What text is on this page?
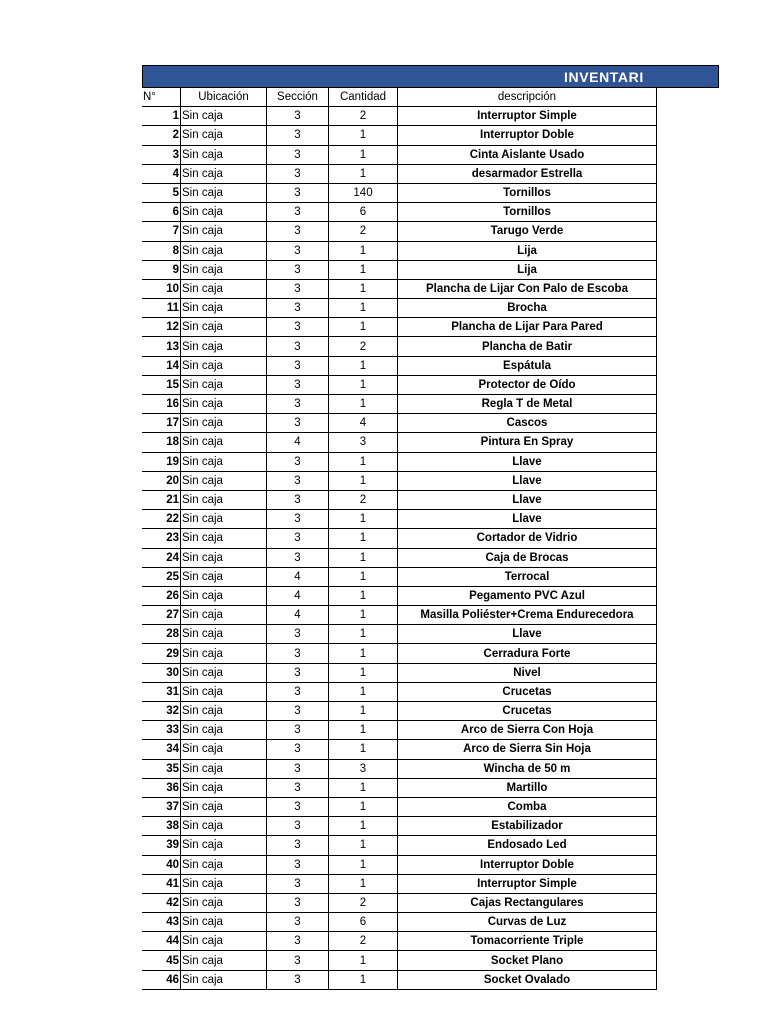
INVENTARI
N°	Ubicación	Sección	Cantidad	descripción
1	Sin caja	3	2	Interruptor Simple
2	Sin caja	3	1	Interruptor Doble
3	Sin caja	3	1	Cinta Aislante Usado
4	Sin caja	3	1	desarmador Estrella
5	Sin caja	3	140	Tornillos
6	Sin caja	3	6	Tornillos
7	Sin caja	3	2	Tarugo Verde
8	Sin caja	3	1	Lija
9	Sin caja	3	1	Lija
10	Sin caja	3	1	Plancha de Lijar Con Palo de Escoba
11	Sin caja	3	1	Brocha
12	Sin caja	3	1	Plancha de Lijar Para Pared
13	Sin caja	3	2	Plancha de Batir
14	Sin caja	3	1	Espátula
15	Sin caja	3	1	Protector de Oído
16	Sin caja	3	1	Regla T de Metal
17	Sin caja	3	4	Cascos
18	Sin caja	4	3	Pintura En Spray
19	Sin caja	3	1	Llave
20	Sin caja	3	1	Llave
21	Sin caja	3	2	Llave
22	Sin caja	3	1	Llave
23	Sin caja	3	1	Cortador de Vidrio
24	Sin caja	3	1	Caja de Brocas
25	Sin caja	4	1	Terrocal
26	Sin caja	4	1	Pegamento PVC Azul
27	Sin caja	4	1	Masilla Poliéster+Crema Endurecedora
28	Sin caja	3	1	Llave
29	Sin caja	3	1	Cerradura Forte
30	Sin caja	3	1	Nivel
31	Sin caja	3	1	Crucetas
32	Sin caja	3	1	Crucetas
33	Sin caja	3	1	Arco de Sierra Con Hoja
34	Sin caja	3	1	Arco de Sierra Sin Hoja
35	Sin caja	3	3	Wincha de 50 m
36	Sin caja	3	1	Martillo
37	Sin caja	3	1	Comba
38	Sin caja	3	1	Estabilizador
39	Sin caja	3	1	Endosado Led
40	Sin caja	3	1	Interruptor Doble
41	Sin caja	3	1	Interruptor Simple
42	Sin caja	3	2	Cajas Rectangulares
43	Sin caja	3	6	Curvas de Luz
44	Sin caja	3	2	Tomacorriente Triple
45	Sin caja	3	1	Socket Plano
46	Sin caja	3	1	Socket Ovalado
